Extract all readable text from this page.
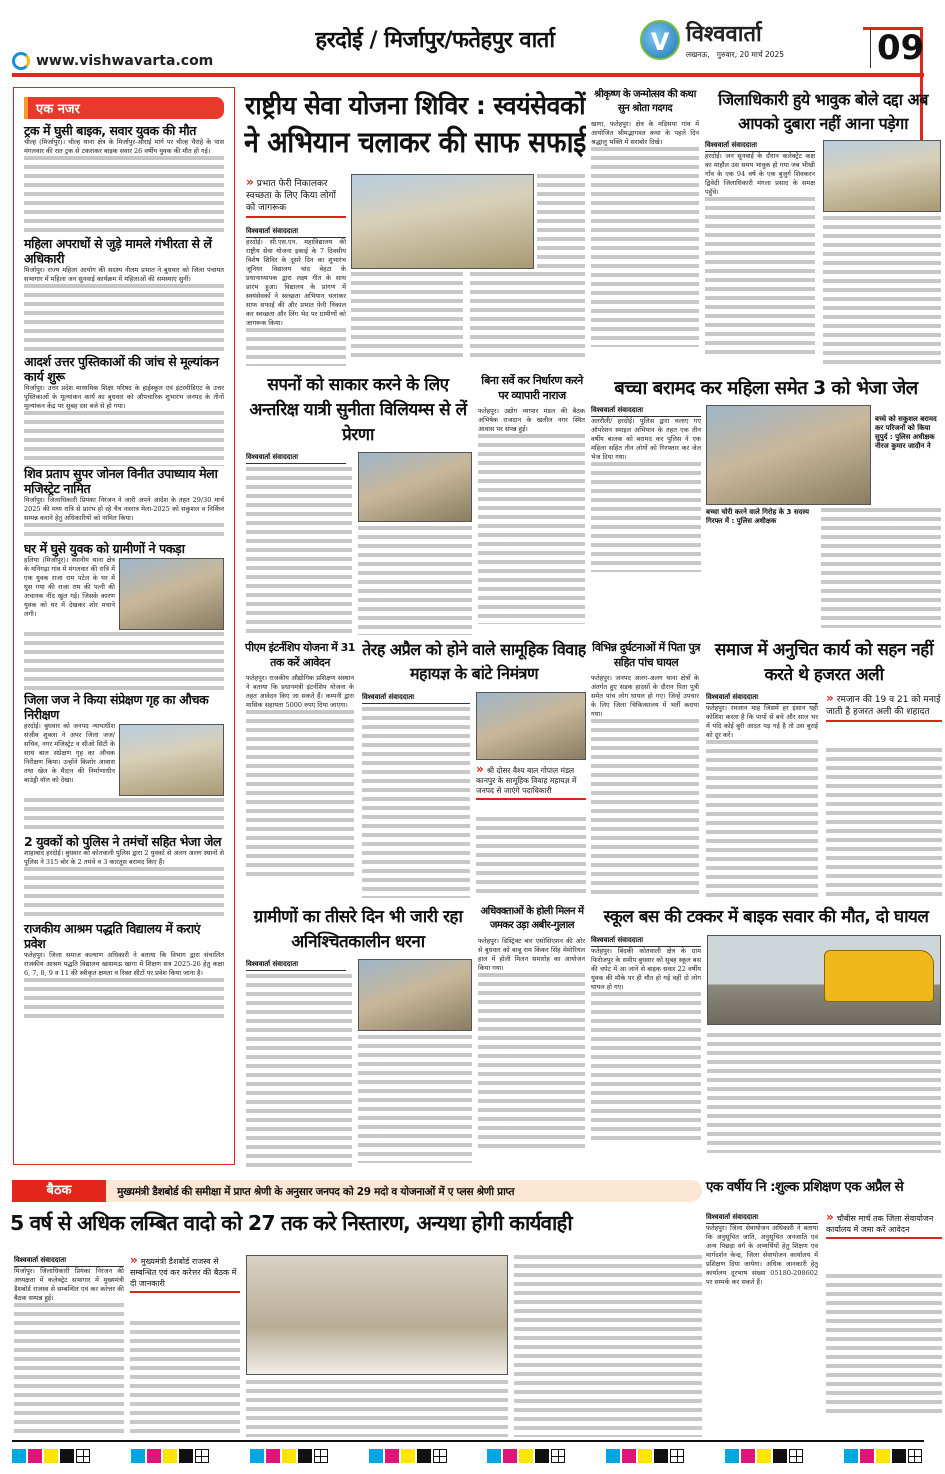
www.vishwavarta.com
हरदोई / मिर्जापुर/फतेहपुर वार्ता	V विश्ववार्ता
लखनऊ,   गुरुवार, 20 मार्च 2025	09
एक नजर
ट्रक में घुसी बाइक, सवार युवक की मौत
चील्ह (मिर्जापुर)। चील्ह थाना क्षेत्र के मिर्जापुर-औराई मार्ग पर चील्ह चैराहे के पास मंगलवार की रात ट्रक से टकराकर बाइक सवार 26 वर्षीय युवक की मौत हो गई।
महिला अपराधों से जुड़े मामले गंभीरता से लें अधिकारी
मिर्जापुर। राज्य महिला आयोग की सदस्य नीलम प्रभात ने बुधवार को जिला पंचायत सभागार में महिला जन सुनवाई कार्यक्रम में महिलाओं की समस्याएं सुनीं।
आदर्श उत्तर पुस्तिकाओं की जांच से मूल्यांकन कार्य शुरू
मिर्जापुर। उत्तर प्रदेश माध्यमिक शिक्षा परिषद के हाईस्कूल एवं इंटरमीडिएट के उत्तर पुस्तिकाओं के मूल्यांकन कार्य का बुधवार को औपचारिक शुभारंभ जनपद के तीनों मूल्यांकन केंद्र पर सुबह दस बजे से हो गया।
शिव प्रताप सुपर जोनल विनीत उपाध्याय मेला मजिस्ट्रेट नामित
मिर्जापुर। जिलाधिकारी प्रियंका निरंजन ने जारी अपने आदेश के तहत 29/30 मार्च 2025 की मध्य रात्रि से प्रारंभ हो रहे चैत्र नवरात्र मेला-2025 को सकुशल व निर्विघ्न सम्पन्न कराने हेतु अधिकारियों को नामित किया।
घर में घुसे युवक को ग्रामीणों ने पकड़ा
हलिया (मिर्जापुर)। स्थानीय थाना क्षेत्र के मनिगढ़ा गांव में मंगलवार की रात्रि में एक युवक राजा राम पटेल के घर में घुस गया की राजा राम की पत्नी की अचानक नींद खुल गई। जिसके कारण युवक को घर में देखकर शोर मचाने लगी।
जिला जज ने किया संप्रेक्षण गृह का औचक निरीक्षण
हरदोई। बुधवार को जनपद न्यायाधीश संजीव शुक्ला ने अपर जिला जज/सचिव, नगर मजिस्ट्रेट व सीओ सिटी के साथ बाल संप्रेक्षण गृह का औचक निरीक्षण किया। उन्होंने किशोर आवास तथा खेल के मैदान की निर्माणाधीन बाउंड्री वॉल को देखा।
2 युवकों को पुलिस ने तमंचों सहित भेजा जेल
शाहाबाद हरदोई। बुधवार को कोतवाली पुलिस द्वारा 2 युवकों से अलग अलग स्थानों से पुलिस ने 315 बोर के 2 तमंचे व 3 कारतूस बरामद किए हैं।
राजकीय आश्रम पद्धति विद्यालय में कराएं प्रवेश
फतेहपुर। जिला समाज कल्याण अधिकारी ने बताया कि विभाग द्वारा संचालित राजकीय आश्रम पद्धति विद्यालय खासमऊ खागा में शिक्षण सत्र 2025-26 हेतु कक्षा 6, 7, 8, 9 व 11 की स्वीकृत क्षमता व रिक्त सीटों पर प्रवेश किया जाना है।
राष्ट्रीय सेवा योजना शिविर : स्वयंसेवकों
ने अभियान चलाकर की साफ सफाई
» प्रभात फेरी निकालकर स्वच्छता के लिए किया लोगों को जागरूक
विश्ववार्ता संवाददाता
हरदोई। सी.एस.एन. महाविद्यालय की राष्ट्रीय सेवा योजना इकाई के 7 दिवसीय विशेष शिविर के दूसरे दिन का शुभारंभ जूनियर विद्यालय चांद बेहटा के प्रधानाध्यापक द्वारा लक्ष्य गीत के साथ प्रारंभ हुआ। विद्यालय के प्रांगण में स्वयंसेवकों ने स्वच्छता अभियान चलाकर साफ सफाई की और प्रभात फेरी निकाल कर स्वच्छता और लिंग भेद पर ग्रामीणों को जागरूक किया।
सपनों को साकार करने के लिए अन्तरिक्ष यात्री सुनीता विलियम्स से लें प्रेरणा
विश्ववार्ता संवाददाता
बिना सर्वे कर निर्धारण करने पर व्यापारी नाराज
फतेहपुर। उद्योग व्यापार मंडल की बैठक अभिषेक राजदान के खलील नगर स्थित आवास पर संपन्न हुई।
पीएम इंटर्नशिप योजना में 31 तक करें आवेदन
फतेहपुर। राजकीय औद्योगिक प्रशिक्षण संस्थान ने बताया कि प्रधानमंत्री इंटर्नशिप योजना के तहत आवेदन किए जा सकते हैं। कम्पनी द्वारा मासिक सहायता 5000 रुपए दिया जाएगा।
तेरह अप्रैल को होने वाले सामूहिक विवाह महायज्ञ के बांटे निमंत्रण
विश्ववार्ता संवाददाता
» श्री दोसर वैश्य बाल गोपाल मंडल कानपुर के सामूहिक विवाह महायज्ञ में जनपद से जाएंगे पदाधिकारी
ग्रामीणों का तीसरे दिन भी जारी रहा अनिश्चितकालीन धरना
विश्ववार्ता संवाददाता
अधिवक्ताओं के होली मिलन में जमकर उड़ा अबीर-गुलाल
फतेहपुर। डिस्ट्रिक्ट बार एसोसिएशन की ओर से बुधवार को बाबू राम किंकर सिंह मेमोरियल हाल में होली मिलन समारोह का आयोजन किया गया।
श्रीकृष्ण के जन्मोत्सव की कथा सुन श्रोता गदगद
खागा, फतेहपुर। क्षेत्र के मड़िसया गांव में आयोजित श्रीमद्भागवत कथा के पहले दिन श्रद्धालु भक्ति में सराबोर दिखे।
जिलाधिकारी हुये भावुक बोले दद्दा अब आपको दुबारा नहीं आना पड़ेगा
विश्ववार्ता संवाददाता
हरदोई। जन सुनवाई के दौरान कलेक्ट्रेट कक्ष का माहौल उस समय भावुक हो गया जब भीखी गाँव के एक 94 वर्ष के एक बुजुर्ग शिवकरन द्विवेदी जिलाधिकारी मंगला प्रसाद के समक्ष पहुँचे।
बच्चा बरामद कर महिला समेत 3 को भेजा जेल
विश्ववार्ता संवाददाता
अतरौली/ हरदोई। पुलिस द्वारा चलाए गए ऑपरेशन स्माइल अभियान के तहत एक तीन वर्षीय बालक को बरामद कर पुलिस ने एक महिला सहित तीन लोगों को गिरफ्तार कर जेल भेज दिया गया।
बच्चा चोरी करने वाले गिरोह के 3 सदस्य गिरफ्त में : पुलिस अधीक्षक
बच्चे को सकुशल बरामद कर परिजनों को किया सुपुर्द : पुलिस अधीक्षक नीरज कुमार जादौन ने
विभिन्न दुर्घटनाओं में पिता पुत्र सहित पांच घायल
फतेहपुर। जनपद अलग-अलग थाना क्षेत्रों के अंतर्गत हुए सड़क हादसों के दौरान पिता पुत्री समेत पांच लोग घायल हो गए। जिन्हें उपचार के लिए जिला चिकित्सालय में भर्ती कराया गया।
समाज में अनुचित कार्य को सहन नहीं करते थे हजरत अली
विश्ववार्ता संवाददाता
फतेहपुर। रमजान माह जिसमें हर इंसान यही कोशिश करता है कि पापों से बचे और साल भर में यदि कोई बुरी आदत पड़ गई है तो उस बुराई को दूर करे।
» रमजान की 19 व 21 को मनाई जाती है हजरत अली की शहादत
स्कूल बस की टक्कर में बाइक सवार की मौत, दो घायल
विश्ववार्ता संवाददाता
फतेहपुर। बिंदकी कोतवाली क्षेत्र के ग्राम फिरोजपुर के समीप बुधवार को सुबह स्कूल बस की चपेट में आ जाने से बाइक सवार 22 वर्षीय युवक की मौके पर ही मौत हो गई वहीं दो लोग घायल हो गए।
बैठक	मुख्यमंत्री डैशबोर्ड की समीक्षा में प्राप्त श्रेणी के अनुसार जनपद को 29 मदो व योजनाओं में ए प्लस श्रेणी प्राप्त
5 वर्ष से अधिक लम्बित वादो को 27 तक करे निस्तारण, अन्यथा होगी कार्यवाही
विश्ववार्ता संवाददाता
मिर्जापुर। जिलाधिकारी प्रियंका निरंजन की अध्यक्षता में कलेक्ट्रेट सभागार में मुख्यमंत्री डैशबोर्ड राजस्व से सम्बन्धित एवं कर करेत्तर की बैठक सम्पन्न हुई।
» मुख्यमंत्री डैशबोर्ड राजस्व से सम्बन्धित एवं कर करेत्तर की बैठक में दी जानकारी
एक वर्षीय नि :शुल्क प्रशिक्षण एक अप्रैल से
विश्ववार्ता संवाददाता
फतेहपुर। जिला सेवायोजन अधिकारी ने बताया कि अनुसूचित जाति, अनुसूचित जनजाति एवं अन्य पिछड़ा वर्ग के अभ्यर्थियों हेतु शिक्षण एवं मार्गदर्शन केन्द्र, जिला सेवायोजन कार्यालय में प्रशिक्षण दिया जायेगा। अधिक जानकारी हेतु कार्यालय दूरभाष संख्या 05180-298602 पर सम्पर्क कर सकते हैं।
» चौबीस मार्च तक जिला सेवायोजन कार्यालय में जमा करें आवेदन
